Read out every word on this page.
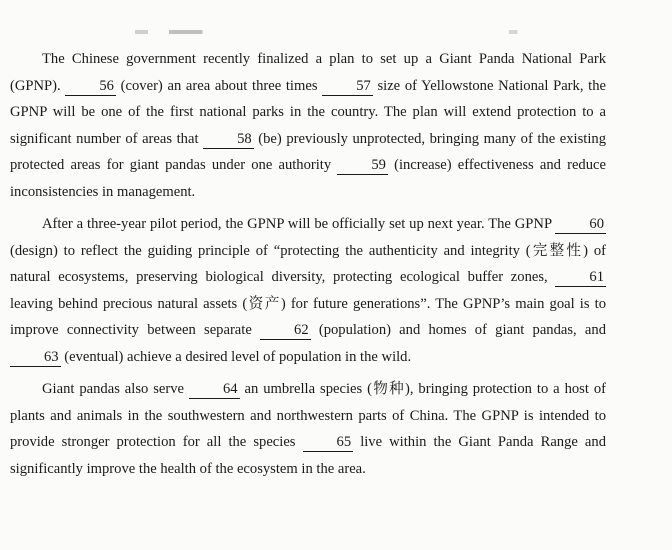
The Chinese government recently finalized a plan to set up a Giant Panda National Park (GPNP). 56 (cover) an area about three times 57 size of Yellowstone National Park, the GPNP will be one of the first national parks in the country. The plan will extend protection to a significant number of areas that 58 (be) previously unprotected, bringing many of the existing protected areas for giant pandas under one authority 59 (increase) effectiveness and reduce inconsistencies in management.

After a three-year pilot period, the GPNP will be officially set up next year. The GPNP 60 (design) to reflect the guiding principle of “protecting the authenticity and integrity (完整性) of natural ecosystems, preserving biological diversity, protecting ecological buffer zones, 61 leaving behind precious natural assets (资产) for future generations”. The GPNP’s main goal is to improve connectivity between separate 62 (population) and homes of giant pandas, and 63 (eventual) achieve a desired level of population in the wild.

Giant pandas also serve 64 an umbrella species (物种), bringing protection to a host of plants and animals in the southwestern and northwestern parts of China. The GPNP is intended to provide stronger protection for all the species 65 live within the Giant Panda Range and significantly improve the health of the ecosystem in the area.
